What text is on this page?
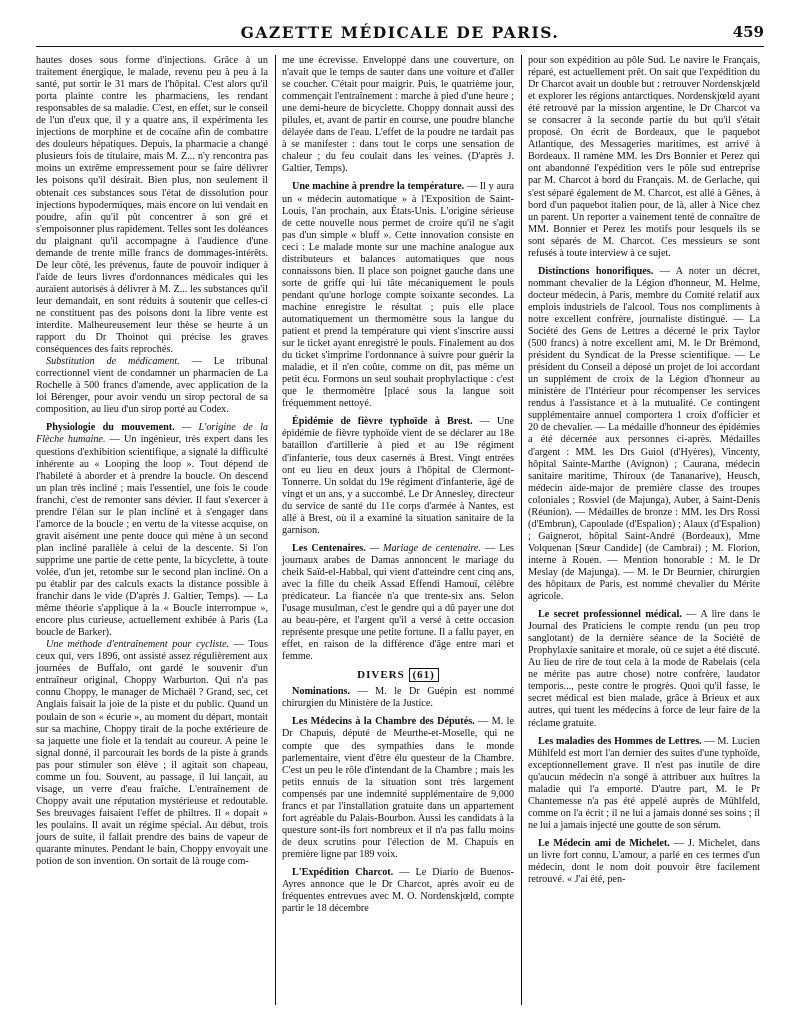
GAZETTE MÉDICALE DE PARIS.	459

hautes doses sous forme d'injections. Grâce à un traitement énergique, le malade, revenu peu à peu à la santé, put sortir le 31 mars de l'hôpital. C'est alors qu'il porta plainte contre les pharmaciens, les rendant responsables de sa maladie. C'est, en effet, sur le conseil de l'un d'eux que, il y a quatre ans, il expérimenta les injections de morphine et de cocaïne afin de combattre des douleurs hépatiques. Depuis, la pharmacie a changé plusieurs fois de titulaire, mais M. Z... n'y rencontra pas moins un extrême empressement pour se faire délivrer les poisons qu'il désirait. Bien plus, non seulement il obtenait ces substances sous l'état de dissolution pour injections hypodermiques, mais encore on lui vendait en poudre, afin qu'il pût concentrer à son gré et s'empoisonner plus rapidement. Telles sont les doléances du plaignant qu'il accompagne à l'audience d'une demande de trente mille francs de dommages-intérêts. De leur côté, les prévenus, faute de pouvoir indiquer à l'aide de leurs livres d'ordonnances médicales qui les auraient autorisés à délivrer à M. Z... les substances qu'il leur demandait, en sont réduits à soutenir que celles-ci ne constituent pas des poisons dont la libre vente est interdite. Malheureusement leur thèse se heurte à un rapport du Dr Thoinot qui précise les graves conséquences des faits reprochés.

Substitution de médicament. — Le tribunal correctionnel vient de condamner un pharmacien de La Rochelle à 500 francs d'amende, avec application de la loi Bérenger, pour avoir vendu un sirop pectoral de sa composition, au lieu d'un sirop porté au Codex.

Physiologie du mouvement. — L'origine de la Flèche humaine. — Un ingénieur, très expert dans les questions d'exhibition scientifique, a signalé la difficulté inhérente au « Looping the loop ». Tout dépend de l'habileté à aborder et à prendre la boucle. On descend un plan très incliné ; mais l'essentiel, une fois le coude franchi, c'est de remonter sans dévier. Il faut s'exercer à prendre l'élan sur le plan incliné et à s'engager dans l'amorce de la boucle ; en vertu de la vitesse acquise, on gravit aisément une pente douce qui mène à un second plan incliné parallèle à celui de la descente. Si l'on supprime une partie de cette pente, la bicyclette, à toute volée, d'un jet, retombe sur le second plan incliné. On a pu établir par des calculs exacts la distance possible à franchir dans le vide (D'après J. Galtier, Temps). — La même théorie s'applique à la « Boucle interrompue », encore plus curieuse, actuellement exhibée à Paris (La boucle de Barker).

Une méthode d'entraînement pour cycliste. — Tous ceux qui, vers 1896, ont assisté assez régulièrement aux journées de Buffalo, ont gardé le souvenir d'un entraîneur original, Choppy Warburton. Qui n'a pas connu Choppy, le manager de Michaël ? Grand, sec, cet Anglais faisait la joie de la piste et du public. Quand un poulain de son « écurie », au moment du départ, montait sur sa machine, Choppy tirait de la poche extérieure de sa jaquette une fiole et la tendait au coureur. A peine le signal donné, il parcourait les bords de la piste à grands pas pour stimuler son élève ; il agitait son chapeau, comme un fou. Souvent, au passage, il lui lançait, au visage, un verre d'eau fraîche. L'entraînement de Choppy avait une réputation mystérieuse et redoutable. Ses breuvages faisaient l'effet de philtres. Il « dopait » les poulains. Il avait un régime spécial. Au début, trois jours de suite, il fallait prendre des bains de vapeur de quarante minutes. Pendant le bain, Choppy envoyait une potion de son invention. On sortait de là rouge com-

me une écrevisse. Enveloppé dans une couverture, on n'avait que le temps de sauter dans une voiture et d'aller se coucher. C'était pour maigrir. Puis, le quatrième jour, commençait l'entraînement : marche à pied d'une heure ; une demi-heure de bicyclette. Choppy donnait aussi des pilules, et, avant de partir en course, une poudre blanche délayée dans de l'eau. L'effet de la poudre ne tardait pas à se manifester : dans tout le corps une sensation de chaleur ; du feu coulait dans les veines. (D'après J. Galtier, Temps).

Une machine à prendre la température. — Il y aura un « médecin automatique » à l'Exposition de Saint-Louis, l'an prochain, aux États-Unis. L'origine sérieuse de cette nouvelle nous permet de croire qu'il ne s'agit pas d'un simple « bluff ». Cette innovation consiste en ceci : Le malade monte sur une machine analogue aux distributeurs et balances automatiques que nous connaissons bien. Il place son poignet gauche dans une sorte de griffe qui lui tâte mécaniquement le pouls pendant qu'une horloge compte soixante secondes. La machine enregistre le résultat ; puis elle place automatiquement un thermomètre sous la langue du patient et prend la température qui vient s'inscrire aussi sur le ticket ayant enregistré le pouls. Finalement au dos du ticket s'imprime l'ordonnance à suivre pour guérir la maladie, et il n'en coûte, comme on dit, pas même un petit écu. Formons un seul souhait prophylactique : c'est que le thermomètre [placé sous la langue soit fréquemment nettoyé.

Épidémie de fièvre typhoïde à Brest. — Une épidémie de fièvre typhoïde vient de se déclarer au 18e bataillon d'artillerie à pied et au 19e régiment d'infanterie, tous deux casernés à Brest. Vingt entrées ont eu lieu en deux jours à l'hôpital de Clermont-Tonnerre. Un soldat du 19e régiment d'infanterie, âgé de vingt et un ans, y a succombé. Le Dr Annesley, directeur du service de santé du 11e corps d'armée à Nantes, est allé à Brest, où il a examiné la situation sanitaire de la garnison.

Les Centenaires. — Mariage de centenaire. — Les journaux arabes de Damas annoncent le mariage du cheik Saïd-el-Habbal, qui vient d'atteindre cent cinq ans, avec la fille du cheik Assad Effendi Hamouï, célèbre prédicateur. La fiancée n'a que trente-six ans. Selon l'usage musulman, c'est le gendre qui a dû payer une dot au beau-père, et l'argent qu'il a versé à cette occasion représente presque une petite fortune. Il a fallu payer, en effet, en raison de la différence d'âge entre mari et femme.

DIVERS (61)

Nominations. — M. le Dr Guépin est nommé chirurgien du Ministère de la Justice.

Les Médecins à la Chambre des Députés. — M. le Dr Chapuis, député de Meurthe-et-Moselle, qui ne compte que des sympathies dans le monde parlementaire, vient d'être élu questeur de la Chambre. C'est un peu le rôle d'intendant de la Chambre ; mais les petits ennuis de la situation sont très largement compensés par une indemnité supplémentaire de 9,000 francs et par l'installation gratuite dans un appartement fort agréable du Palais-Bourbon. Aussi les candidats à la questure sont-ils fort nombreux et il n'a pas fallu moins de deux scrutins pour l'élection de M. Chapuis en première ligne par 189 voix.

L'Expédition Charcot. — Le Diario de Buenos-Ayres annonce que le Dr Charcot, après avoir eu de fréquentes entrevues avec M. O. Nordenskjœld, compte partir le 18 décembre

pour son expédition au pôle Sud. Le navire le Français, réparé, est actuellement prêt. On sait que l'expédition du Dr Charcot avait un double but : retrouver Nordenskjœld et explorer les régions antarctiques. Nordenskjœld ayant été retrouvé par la mission argentine, le Dr Charcot va se consacrer à la seconde partie du but qu'il s'était proposé. On écrit de Bordeaux, que le paquebot Atlantique, des Messageries maritimes, est arrivé à Bordeaux. Il ramène MM. les Drs Bonnier et Perez qui ont abandonné l'expédition vers le pôle sud entreprise par M. Charcot à bord du Français. M. de Gerlache, qui s'est séparé également de M. Charcot, est allé à Gênes, à bord d'un paquebot italien pour, de là, aller à Nice chez un parent. Un reporter a vainement tenté de connaître de MM. Bonnier et Perez les motifs pour lesquels ils se sont séparés de M. Charcot. Ces messieurs se sont refusés à toute interview à ce sujet.

Distinctions honorifiques. — A noter un décret, nommant chevalier de la Légion d'honneur, M. Helme, docteur médecin, à Paris, membre du Comité relatif aux emplois industriels de l'alcool. Tous nos compliments à notre excellent confrère, journaliste distingué. — La Société des Gens de Lettres a décerné le prix Taylor (500 francs) à notre excellent ami, M. le Dr Brémond, président du Syndicat de la Presse scientifique. — Le président du Conseil a déposé un projet de loi accordant un supplément de croix de la Légion d'honneur au ministère de l'Intérieur pour récompenser les services rendus à l'assistance et à la mutualité. Ce contingent supplémentaire annuel comportera 1 croix d'officier et 20 de chevalier. — La médaille d'honneur des épidémies a été décernée aux personnes ci-après. Médailles d'argent : MM. les Drs Guiol (d'Hyères), Vincenty, hôpital Sainte-Marthe (Avignon) ; Caurana, médecin sanitaire maritime, Thiroux (de Tananarive), Heusch, médecin aide-major de première classe des troupes coloniales ; Rosviel (de Majunga), Auber, à Saint-Denis (Réunion). — Médailles de bronze : MM. les Drs Rossi (d'Embrun), Capoulade (d'Espalion) ; Alaux (d'Espalion) ; Gaignerot, hôpital Saint-André (Bordeaux), Mme Volquenan [Sœur Candide] (de Cambrai) ; M. Florion, interne à Rouen. — Mention honorable : M. le Dr Meslay (de Majunga). — M. le Dr Beurnier, chirurgien des hôpitaux de Paris, est nommé chevalier du Mérite agricole.

Le secret professionnel médical. — A lire dans le Journal des Praticiens le compte rendu (un peu trop sanglotant) de la dernière séance de la Société de Prophylaxie sanitaire et morale, où ce sujet a été discuté. Au lieu de rire de tout cela à la mode de Rabelais (cela ne mérite pas autre chose) notre confrère, laudator temporis..., peste contre le progrès. Quoi qu'il fasse, le secret médical est bien malade, grâce à Brieux et aux autres, qui tuent les médecins à force de leur faire de la réclame gratuite.

Les maladies des Hommes de Lettres. — M. Lucien Mühlfeld est mort l'an dernier des suites d'une typhoïde, exceptionnellement grave. Il n'est pas inutile de dire qu'aucun médecin n'a songé à attribuer aux huîtres la maladie qui l'a emporté. D'autre part, M. le Pr Chantemesse n'a pas été appelé auprès de Mühlfeld, comme on l'a écrit ; il ne lui a jamais donné ses soins ; il ne lui a jamais injecté une goutte de son sérum.

Le Médecin ami de Michelet. — J. Michelet, dans un livre fort connu, L'amour, a parlé en ces termes d'un médecin, dont le nom doit pouvoir être facilement retrouvé. « J'ai été, pen-
